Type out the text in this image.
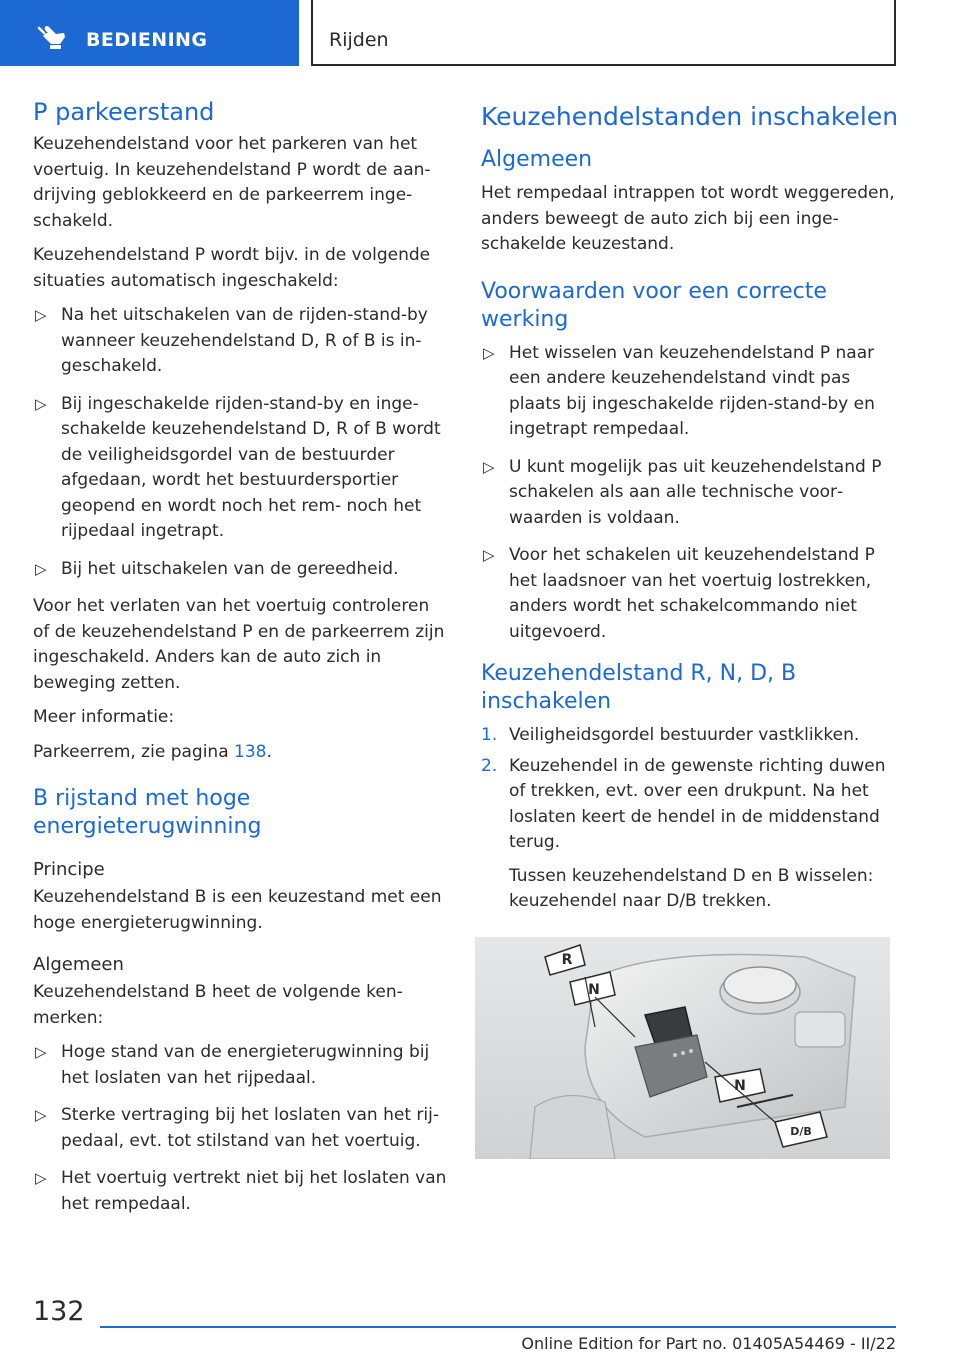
BEDIENING	Rijden
P parkeerstand

Keuzehendelstand voor het parkeren van het voertuig. In keuzehendelstand P wordt de aandrijving geblokkeerd en de parkeerrem ingeschakeld.

Keuzehendelstand P wordt bijv. in de volgende situaties automatisch ingeschakeld:

▷ Na het uitschakelen van de rijden-stand-by wanneer keuzehendelstand D, R of B is ingeschakeld.
▷ Bij ingeschakelde rijden-stand-by en ingeschakelde keuzehendelstand D, R of B wordt de veiligheidsgordel van de bestuurder afgedaan, wordt het bestuurdersportier geopend en wordt noch het rem- noch het rijpedaal ingetrapt.
▷ Bij het uitschakelen van de gereedheid.

Voor het verlaten van het voertuig controleren of de keuzehendelstand P en de parkeerrem zijn ingeschakeld. Anders kan de auto zich in beweging zetten.

Meer informatie:

Parkeerrem, zie pagina 138.

B rijstand met hoge energieterugwinning
Principe

Keuzehendelstand B is een keuzestand met een hoge energieterugwinning.

Algemeen

Keuzehendelstand B heet de volgende kenmerken:

▷ Hoge stand van de energieterugwinning bij het loslaten van het rijpedaal.
▷ Sterke vertraging bij het loslaten van het rijpedaal, evt. tot stilstand van het voertuig.
▷ Het voertuig vertrekt niet bij het loslaten van het rempedaal.
Keuzehendelstanden inschakelen
Algemeen

Het rempedaal intrappen tot wordt weggereden, anders beweegt de auto zich bij een ingeschakelde keuzestand.

Voorwaarden voor een correcte werking
▷ Het wisselen van keuzehendelstand P naar een andere keuzehendelstand vindt pas plaats bij ingeschakelde rijden-stand-by en ingetrapt rempedaal.
▷ U kunt mogelijk pas uit keuzehendelstand P schakelen als aan alle technische voorwaarden is voldaan.
▷ Voor het schakelen uit keuzehendelstand P het laadsnoer van het voertuig lostrekken, anders wordt het schakelcommando niet uitgevoerd.
Keuzehendelstand R, N, D, B inschakelen
1. Veiligheidsgordel bestuurder vastklikken.
2. Keuzehendel in de gewenste richting duwen of trekken, evt. over een drukpunt. Na het loslaten keert de hendel in de middenstand terug.
Tussen keuzehendelstand D en B wisselen: keuzehendel naar D/B trekken.
R
N
N
D/B
132
Online Edition for Part no. 01405A54469 - II/22
